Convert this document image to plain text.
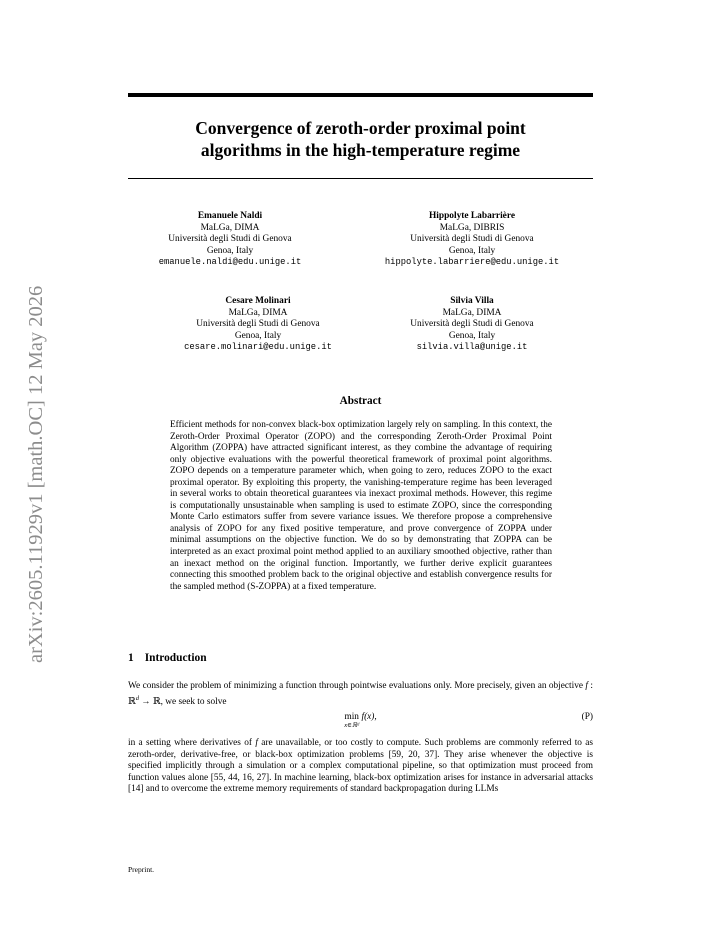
arXiv:2605.11929v1 [math.OC] 12 May 2026
Convergence of zeroth-order proximal point
algorithms in the high-temperature regime
Emanuele Naldi
MaLGa, DIMA
Università degli Studi di Genova
Genoa, Italy
emanuele.naldi@edu.unige.it
Hippolyte Labarrière
MaLGa, DIBRIS
Università degli Studi di Genova
Genoa, Italy
hippolyte.labarriere@edu.unige.it
Cesare Molinari
MaLGa, DIMA
Università degli Studi di Genova
Genoa, Italy
cesare.molinari@edu.unige.it
Silvia Villa
MaLGa, DIMA
Università degli Studi di Genova
Genoa, Italy
silvia.villa@unige.it
Abstract
Efficient methods for non-convex black-box optimization largely rely on sampling. In this context, the Zeroth-Order Proximal Operator (ZOPO) and the corresponding Zeroth-Order Proximal Point Algorithm (ZOPPA) have attracted significant interest, as they combine the advantage of requiring only objective evaluations with the powerful theoretical framework of proximal point algorithms. ZOPO depends on a temperature parameter which, when going to zero, reduces ZOPO to the exact proximal operator. By exploiting this property, the vanishing-temperature regime has been leveraged in several works to obtain theoretical guarantees via inexact proximal methods. However, this regime is computationally unsustainable when sampling is used to estimate ZOPO, since the corresponding Monte Carlo estimators suffer from severe variance issues. We therefore propose a comprehensive analysis of ZOPO for any fixed positive temperature, and prove convergence of ZOPPA under minimal assumptions on the objective function. We do so by demonstrating that ZOPPA can be interpreted as an exact proximal point method applied to an auxiliary smoothed objective, rather than an inexact method on the original function. Importantly, we further derive explicit guarantees connecting this smoothed problem back to the original objective and establish convergence results for the sampled method (S-ZOPPA) at a fixed temperature.
1 Introduction
We consider the problem of minimizing a function through pointwise evaluations only. More precisely, given an objective f : ℝ$^d$ → ℝ, we seek to solve
min
x∈ℝᵈ
f(x),	(P)
in a setting where derivatives of f are unavailable, or too costly to compute. Such problems are commonly referred to as zeroth-order, derivative-free, or black-box optimization problems [59, 20, 37]. They arise whenever the objective is specified implicitly through a simulation or a complex computational pipeline, so that optimization must proceed from function values alone [55, 44, 16, 27]. In machine learning, black-box optimization arises for instance in adversarial attacks [14] and to overcome the extreme memory requirements of standard backpropagation during LLMs
Preprint.
